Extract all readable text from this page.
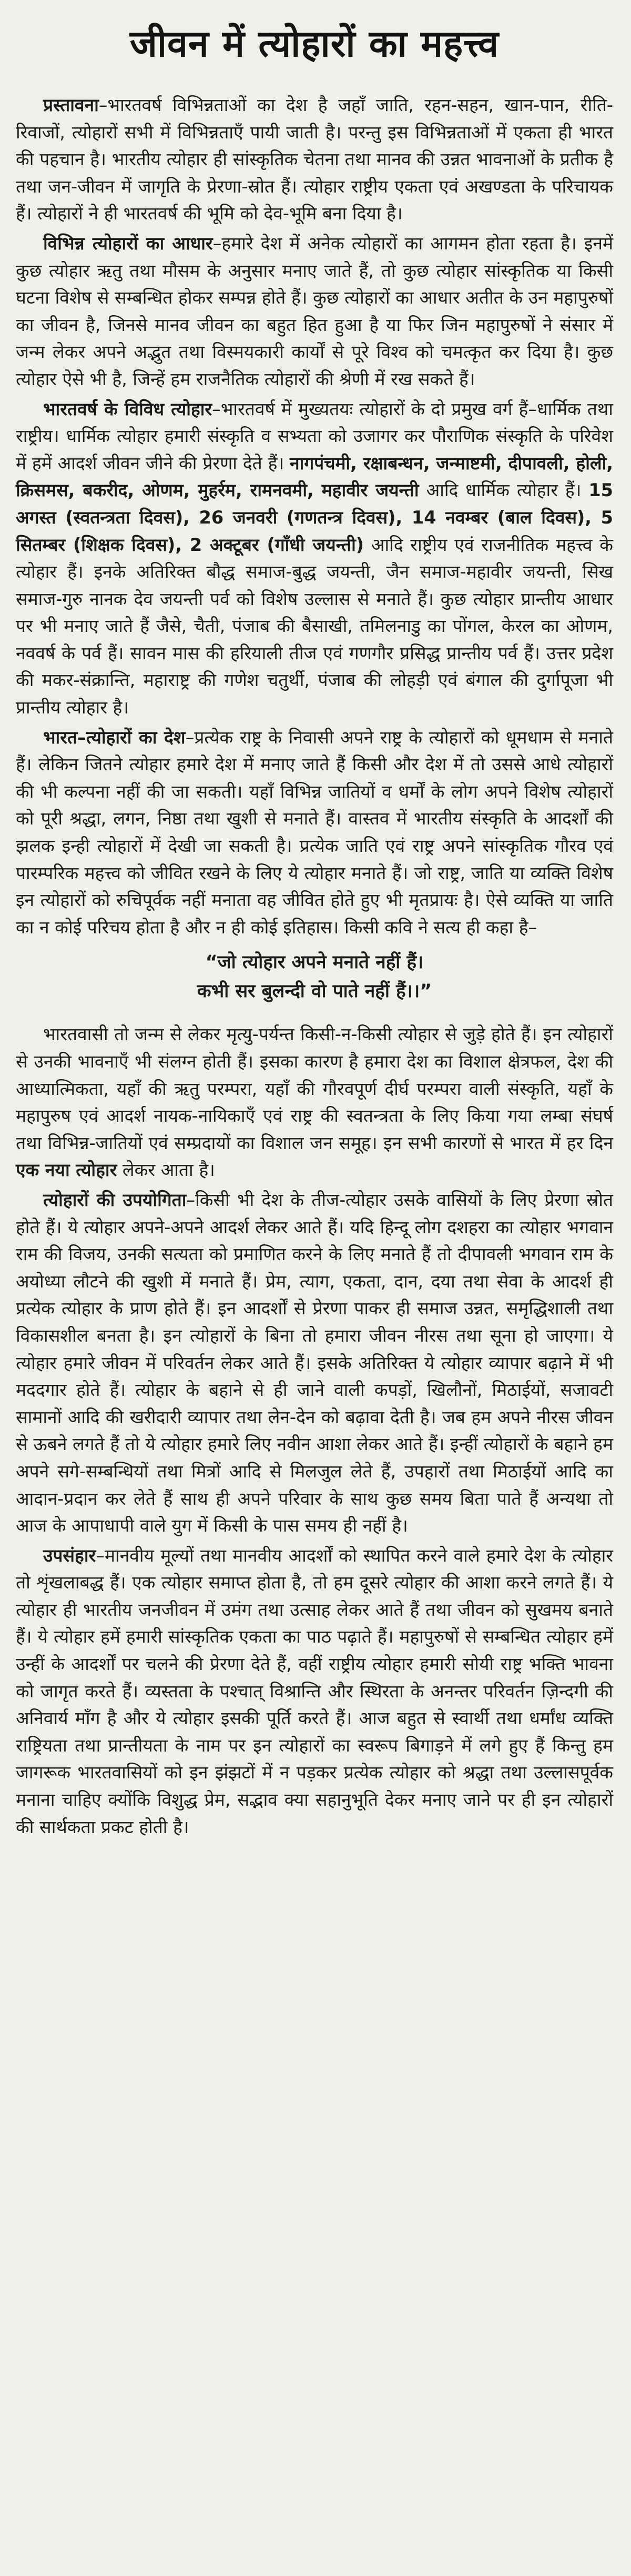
जीवन में त्योहारों का महत्त्व

प्रस्तावना–भारतवर्ष विभिन्नताओं का देश है जहाँ जाति, रहन-सहन, खान-पान, रीति-रिवाजों, त्योहारों सभी में विभिन्नताएँ पायी जाती है। परन्तु इस विभिन्नताओं में एकता ही भारत की पहचान है। भारतीय त्योहार ही सांस्कृतिक चेतना तथा मानव की उन्नत भावनाओं के प्रतीक है तथा जन-जीवन में जागृति के प्रेरणा-स्रोत हैं। त्योहार राष्ट्रीय एकता एवं अखण्डता के परिचायक हैं। त्योहारों ने ही भारतवर्ष की भूमि को देव-भूमि बना दिया है।

विभिन्न त्योहारों का आधार–हमारे देश में अनेक त्योहारों का आगमन होता रहता है। इनमें कुछ त्योहार ऋतु तथा मौसम के अनुसार मनाए जाते हैं, तो कुछ त्योहार सांस्कृतिक या किसी घटना विशेष से सम्बन्धित होकर सम्पन्न होते हैं। कुछ त्योहारों का आधार अतीत के उन महापुरुषों का जीवन है, जिनसे मानव जीवन का बहुत हित हुआ है या फिर जिन महापुरुषों ने संसार में जन्म लेकर अपने अद्भुत तथा विस्मयकारी कार्यों से पूरे विश्व को चमत्कृत कर दिया है। कुछ त्योहार ऐसे भी है, जिन्हें हम राजनैतिक त्योहारों की श्रेणी में रख सकते हैं।

भारतवर्ष के विविध त्योहार–भारतवर्ष में मुख्यतयः त्योहारों के दो प्रमुख वर्ग हैं–धार्मिक तथा राष्ट्रीय। धार्मिक त्योहार हमारी संस्कृति व सभ्यता को उजागर कर पौराणिक संस्कृति के परिवेश में हमें आदर्श जीवन जीने की प्रेरणा देते हैं। नागपंचमी, रक्षाबन्धन, जन्माष्टमी, दीपावली, होली, क्रिसमस, बकरीद, ओणम, मुहर्रम, रामनवमी, महावीर जयन्ती आदि धार्मिक त्योहार हैं। 15 अगस्त (स्वतन्त्रता दिवस), 26 जनवरी (गणतन्त्र दिवस), 14 नवम्बर (बाल दिवस), 5 सितम्बर (शिक्षक दिवस), 2 अक्टूबर (गाँधी जयन्ती) आदि राष्ट्रीय एवं राजनीतिक महत्त्व के त्योहार हैं। इनके अतिरिक्त बौद्ध समाज-बुद्ध जयन्ती, जैन समाज-महावीर जयन्ती, सिख समाज-गुरु नानक देव जयन्ती पर्व को विशेष उल्लास से मनाते हैं। कुछ त्योहार प्रान्तीय आधार पर भी मनाए जाते हैं जैसे, चैती, पंजाब की बैसाखी, तमिलनाडु का पोंगल, केरल का ओणम, नववर्ष के पर्व हैं। सावन मास की हरियाली तीज एवं गणगौर प्रसिद्ध प्रान्तीय पर्व हैं। उत्तर प्रदेश की मकर-संक्रान्ति, महाराष्ट्र की गणेश चतुर्थी, पंजाब की लोहड़ी एवं बंगाल की दुर्गापूजा भी प्रान्तीय त्योहार है।

भारत–त्योहारों का देश–प्रत्येक राष्ट्र के निवासी अपने राष्ट्र के त्योहारों को धूमधाम से मनाते हैं। लेकिन जितने त्योहार हमारे देश में मनाए जाते हैं किसी और देश में तो उससे आधे त्योहारों की भी कल्पना नहीं की जा सकती। यहाँ विभिन्न जातियों व धर्मों के लोग अपने विशेष त्योहारों को पूरी श्रद्धा, लगन, निष्ठा तथा खुशी से मनाते हैं। वास्तव में भारतीय संस्कृति के आदर्शों की झलक इन्ही त्योहारों में देखी जा सकती है। प्रत्येक जाति एवं राष्ट्र अपने सांस्कृतिक गौरव एवं पारम्परिक महत्त्व को जीवित रखने के लिए ये त्योहार मनाते हैं। जो राष्ट्र, जाति या व्यक्ति विशेष इन त्योहारों को रुचिपूर्वक नहीं मनाता वह जीवित होते हुए भी मृतप्रायः है। ऐसे व्यक्ति या जाति का न कोई परिचय होता है और न ही कोई इतिहास। किसी कवि ने सत्य ही कहा है–

“जो त्योहार अपने मनाते नहीं हैं।
कभी सर बुलन्दी वो पाते नहीं हैं।।”

भारतवासी तो जन्म से लेकर मृत्यु-पर्यन्त किसी-न-किसी त्योहार से जुड़े होते हैं। इन त्योहारों से उनकी भावनाएँ भी संलग्न होती हैं। इसका कारण है हमारा देश का विशाल क्षेत्रफल, देश की आध्यात्मिकता, यहाँ की ऋतु परम्परा, यहाँ की गौरवपूर्ण दीर्घ परम्परा वाली संस्कृति, यहाँ के महापुरुष एवं आदर्श नायक-नायिकाएँ एवं राष्ट्र की स्वतन्त्रता के लिए किया गया लम्बा संघर्ष तथा विभिन्न-जातियों एवं सम्प्रदायों का विशाल जन समूह। इन सभी कारणों से भारत में हर दिन एक नया त्योहार लेकर आता है।

त्योहारों की उपयोगिता–किसी भी देश के तीज-त्योहार उसके वासियों के लिए प्रेरणा स्रोत होते हैं। ये त्योहार अपने-अपने आदर्श लेकर आते हैं। यदि हिन्दू लोग दशहरा का त्योहार भगवान राम की विजय, उनकी सत्यता को प्रमाणित करने के लिए मनाते हैं तो दीपावली भगवान राम के अयोध्या लौटने की खुशी में मनाते हैं। प्रेम, त्याग, एकता, दान, दया तथा सेवा के आदर्श ही प्रत्येक त्योहार के प्राण होते हैं। इन आदर्शों से प्रेरणा पाकर ही समाज उन्नत, समृद्धिशाली तथा विकासशील बनता है। इन त्योहारों के बिना तो हमारा जीवन नीरस तथा सूना हो जाएगा। ये त्योहार हमारे जीवन में परिवर्तन लेकर आते हैं। इसके अतिरिक्त ये त्योहार व्यापार बढ़ाने में भी मददगार होते हैं। त्योहार के बहाने से ही जाने वाली कपड़ों, खिलौनों, मिठाईयों, सजावटी सामानों आदि की खरीदारी व्यापार तथा लेन-देन को बढ़ावा देती है। जब हम अपने नीरस जीवन से ऊबने लगते हैं तो ये त्योहार हमारे लिए नवीन आशा लेकर आते हैं। इन्हीं त्योहारों के बहाने हम अपने सगे-सम्बन्धियों तथा मित्रों आदि से मिलजुल लेते हैं, उपहारों तथा मिठाईयों आदि का आदान-प्रदान कर लेते हैं साथ ही अपने परिवार के साथ कुछ समय बिता पाते हैं अन्यथा तो आज के आपाधापी वाले युग में किसी के पास समय ही नहीं है।

उपसंहार–मानवीय मूल्यों तथा मानवीय आदर्शों को स्थापित करने वाले हमारे देश के त्योहार तो शृंखलाबद्ध हैं। एक त्योहार समाप्त होता है, तो हम दूसरे त्योहार की आशा करने लगते हैं। ये त्योहार ही भारतीय जनजीवन में उमंग तथा उत्साह लेकर आते हैं तथा जीवन को सुखमय बनाते हैं। ये त्योहार हमें हमारी सांस्कृतिक एकता का पाठ पढ़ाते हैं। महापुरुषों से सम्बन्धित त्योहार हमें उन्हीं के आदर्शों पर चलने की प्रेरणा देते हैं, वहीं राष्ट्रीय त्योहार हमारी सोयी राष्ट्र भक्ति भावना को जागृत करते हैं। व्यस्तता के पश्चात् विश्रान्ति और स्थिरता के अनन्तर परिवर्तन ज़िन्दगी की अनिवार्य माँग है और ये त्योहार इसकी पूर्ति करते हैं। आज बहुत से स्वार्थी तथा धर्मांध व्यक्ति राष्ट्रियता तथा प्रान्तीयता के नाम पर इन त्योहारों का स्वरूप बिगाड़ने में लगे हुए हैं किन्तु हम जागरूक भारतवासियों को इन झंझटों में न पड़कर प्रत्येक त्योहार को श्रद्धा तथा उल्लासपूर्वक मनाना चाहिए क्योंकि विशुद्ध प्रेम, सद्भाव क्या सहानुभूति देकर मनाए जाने पर ही इन त्योहारों की सार्थकता प्रकट होती है।
